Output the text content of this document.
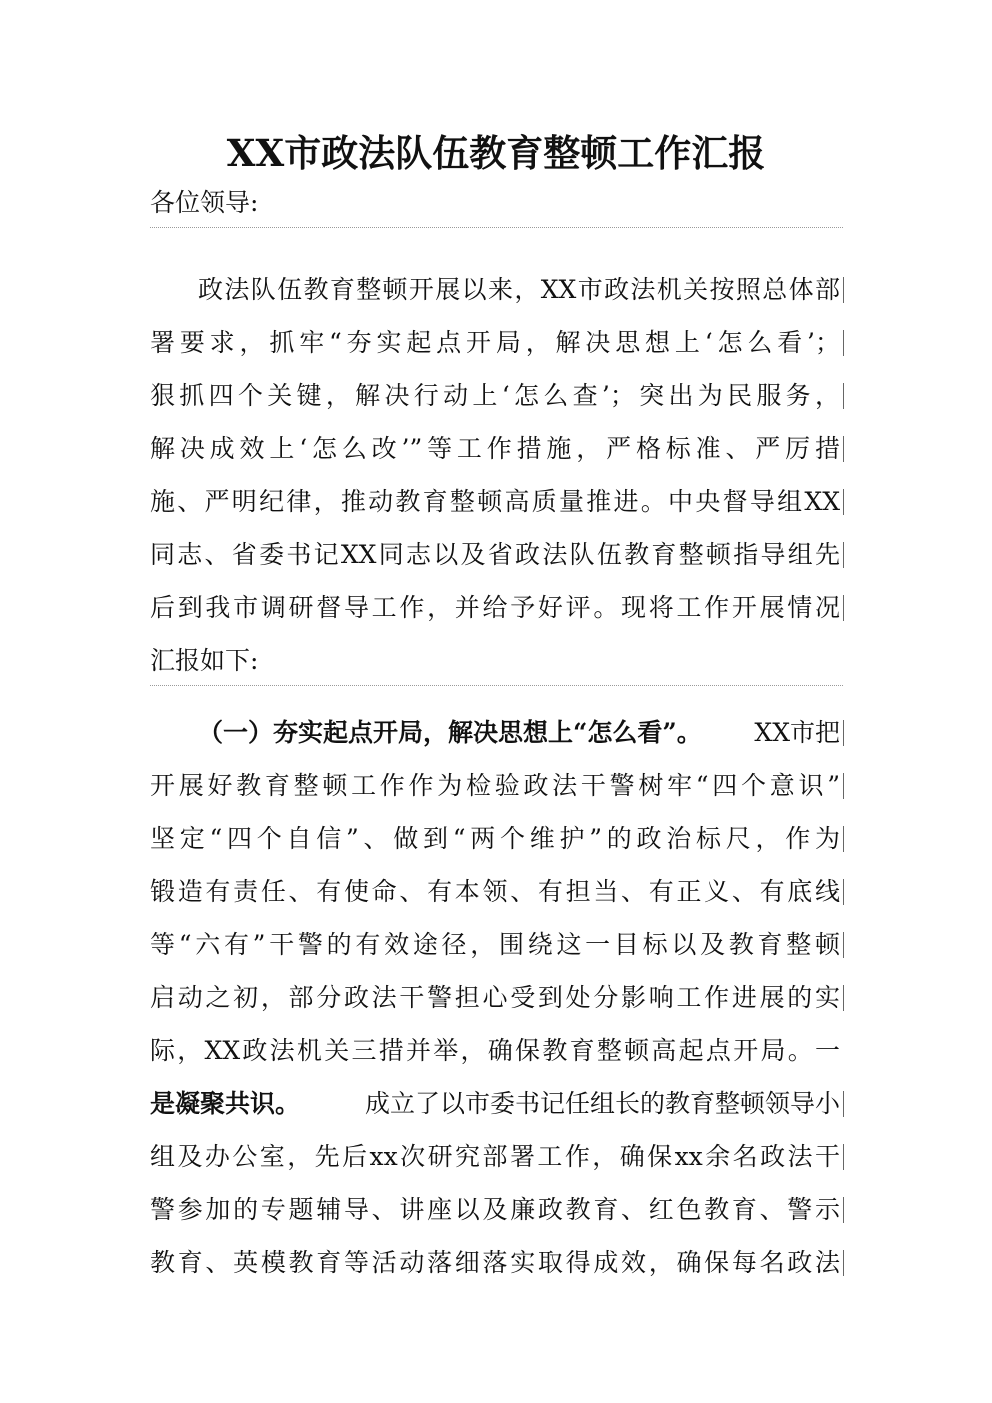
XX市政法队伍教育整顿工作汇报
各位领导:
政法队伍教育整顿开展以来，XX市政法机关按照总体部
署要求，抓牢“夯实起点开局，解决思想上‘怎么看’；
狠抓四个关键，解决行动上‘怎么查’；突出为民服务，
解决成效上‘怎么改’”等工作措施，严格标准、严厉措
施、严明纪律，推动教育整顿高质量推进。中央督导组XX
同志、省委书记XX同志以及省政法队伍教育整顿指导组先
后到我市调研督导工作，并给予好评。现将工作开展情况
汇报如下:
（一）夯实起点开局，解决思想上“怎么看”。 XX市把
开展好教育整顿工作作为检验政法干警树牢“四个意识”
坚定“四个自信”、做到“两个维护”的政治标尺，作为
锻造有责任、有使命、有本领、有担当、有正义、有底线
等“六有”干警的有效途径，围绕这一目标以及教育整顿
启动之初，部分政法干警担心受到处分影响工作进展的实
际，XX政法机关三措并举，确保教育整顿高起点开局。一
是凝聚共识。	成立了以市委书记任组长的教育整顿领导小
组及办公室，先后xx次研究部署工作，确保xx余名政法干
警参加的专题辅导、讲座以及廉政教育、红色教育、警示
教育、英模教育等活动落细落实取得成效，确保每名政法
